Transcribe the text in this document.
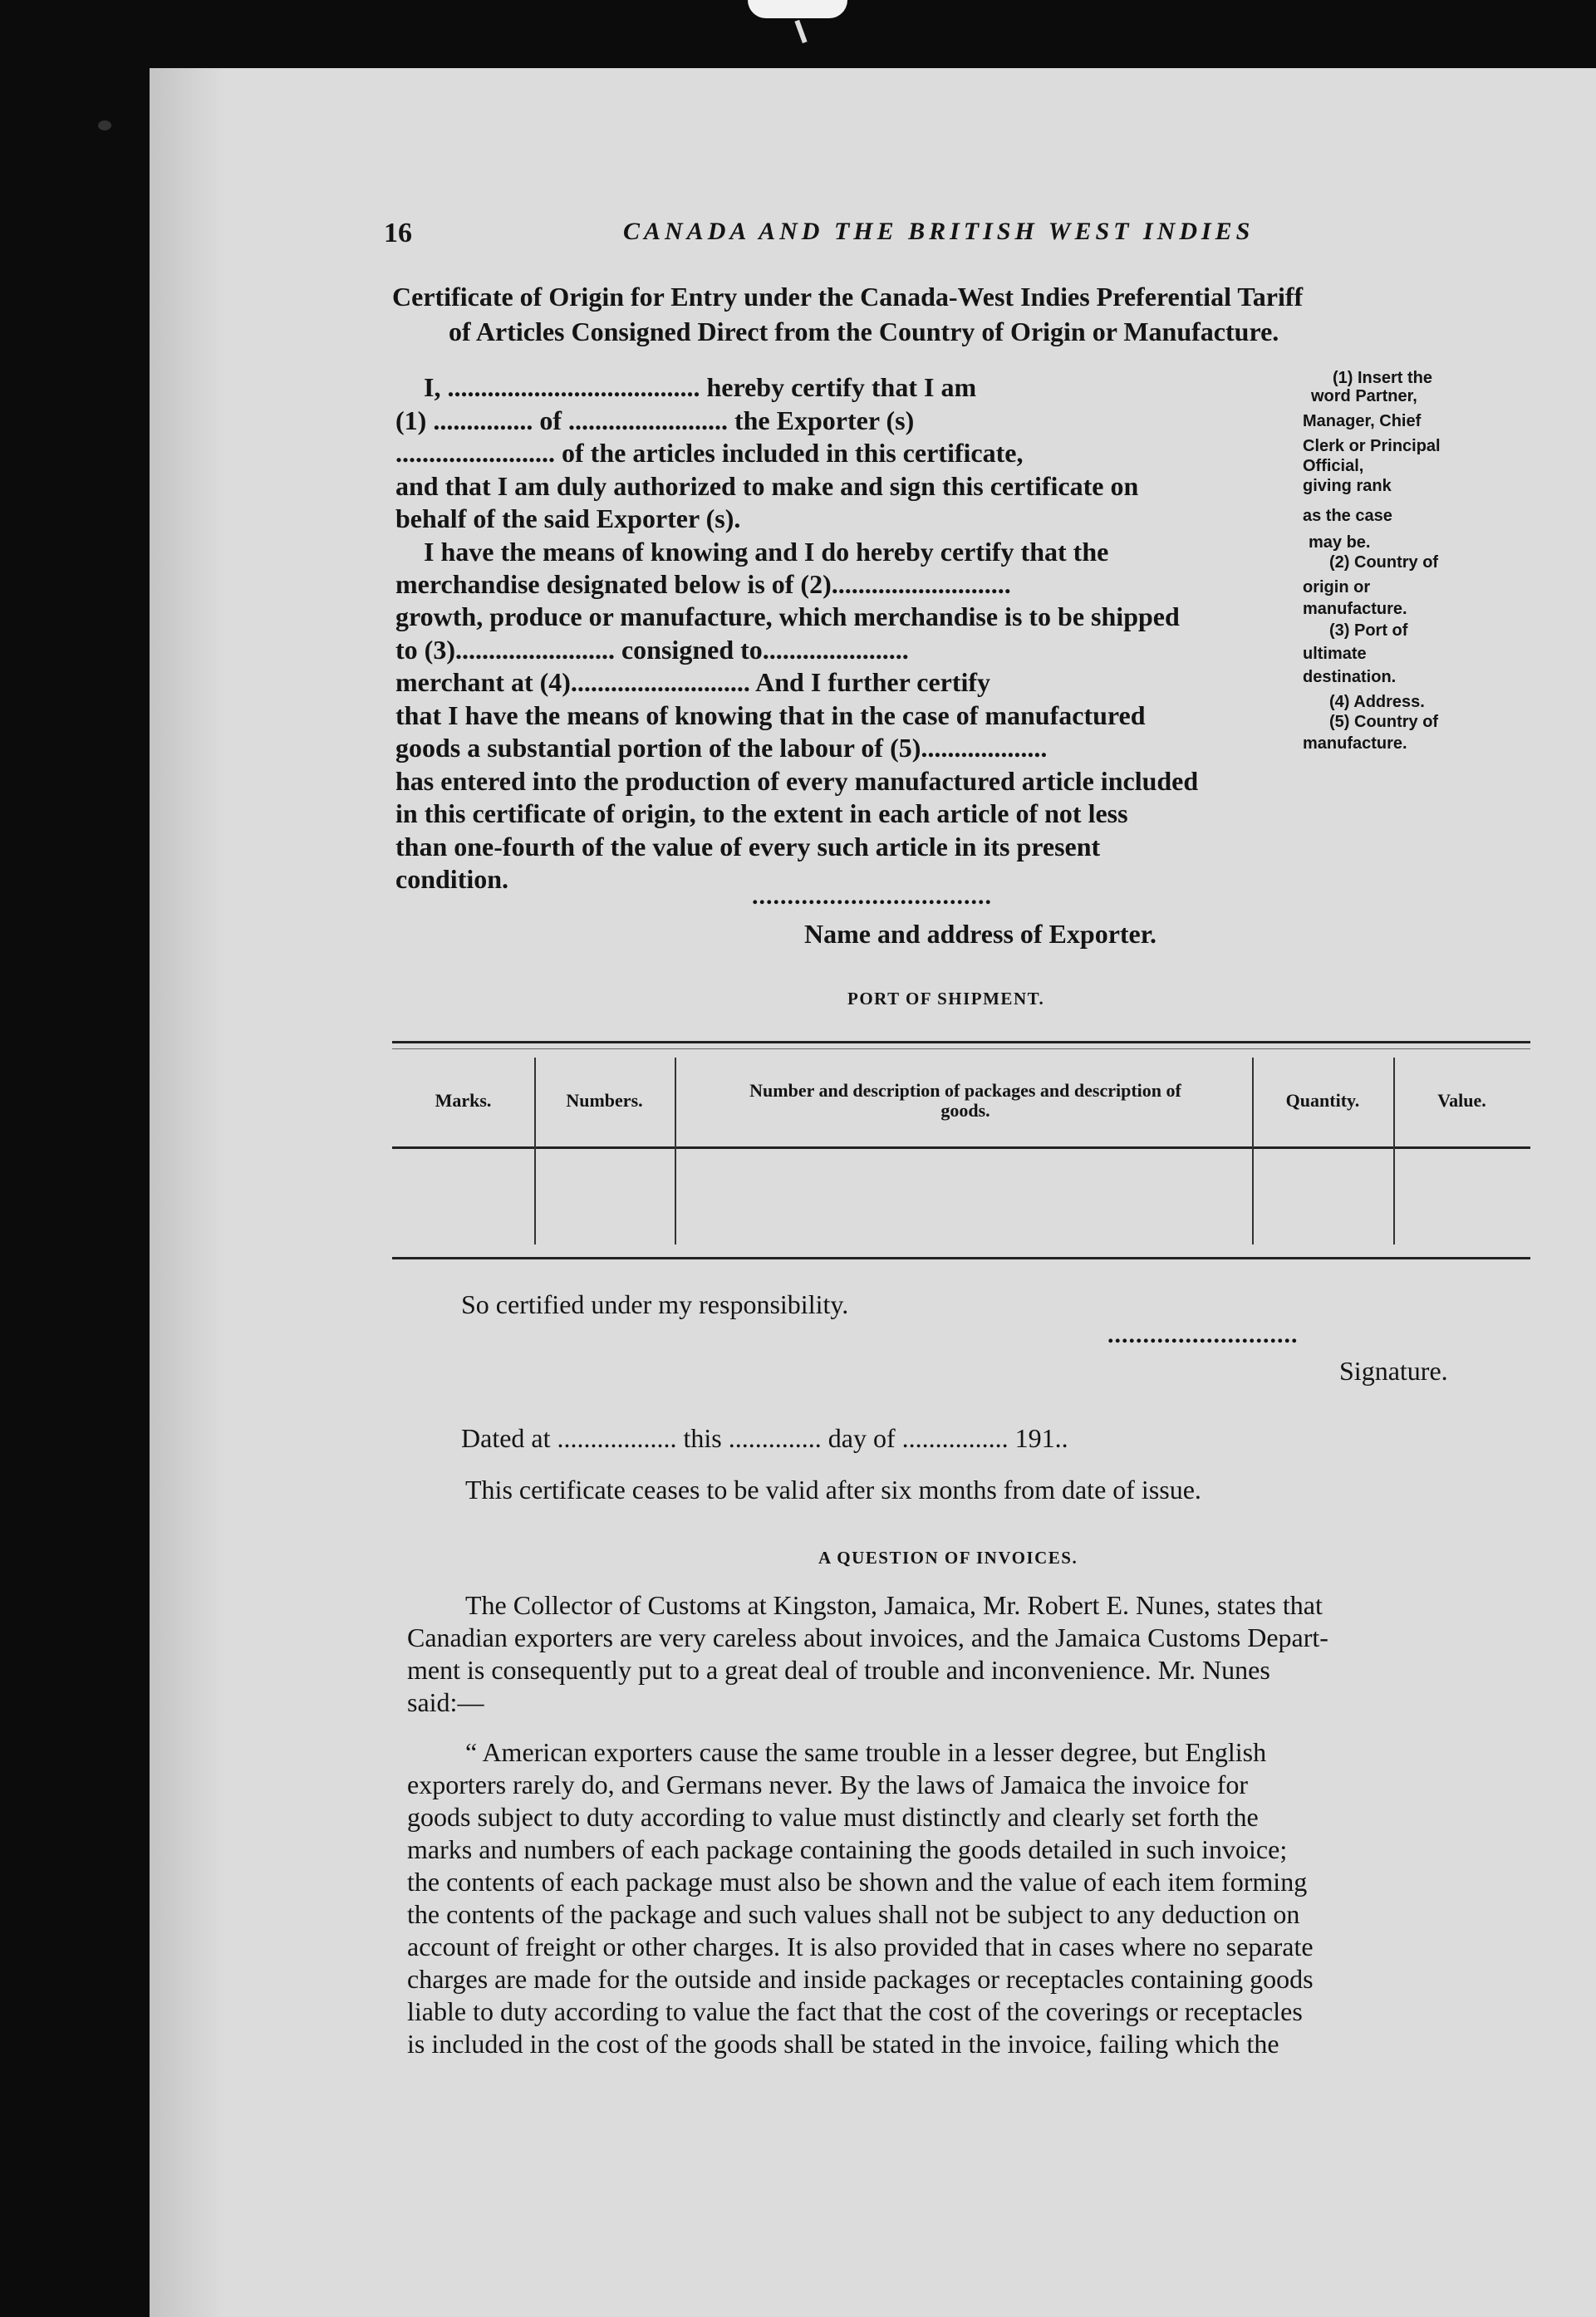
16	CANADA AND THE BRITISH WEST INDIES
Certificate of Origin for Entry under the Canada-West Indies Preferential Tariff
of Articles Consigned Direct from the Country of Origin or Manufacture.
I, ...................................... hereby certify that I am
(1) ............... of ........................ the Exporter (s)
........................ of the articles included in this certificate,
and that I am duly authorized to make and sign this certificate on
behalf of the said Exporter (s).
I have the means of knowing and I do hereby certify that the
merchandise designated below is of (2)...........................
growth, produce or manufacture, which merchandise is to be shipped
to (3)........................ consigned to......................
merchant at (4)........................... And I further certify
that I have the means of knowing that in the case of manufactured
goods a substantial portion of the labour of (5)...................
has entered into the production of every manufactured article included
in this certificate of origin, to the extent in each article of not less
than one-fourth of the value of every such article in its present
condition.
(1) Insert the
word Partner,
Manager, Chief
Clerk or Principal
Official,
giving rank
as the case
may be.
(2) Country of
origin or
manufacture.
(3) Port of
ultimate
destination.
(4) Address.
(5) Country of
manufacture.
..................................
Name and address of Exporter.
PORT OF SHIPMENT.
Marks.	Numbers.	Number and description of packages and description of goods.	Quantity.	Value.
So certified under my responsibility.
...........................
Signature.
Dated at .................. this .............. day of ................ 191..
This certificate ceases to be valid after six months from date of issue.
A QUESTION OF INVOICES.
The Collector of Customs at Kingston, Jamaica, Mr. Robert E. Nunes, states that
Canadian exporters are very careless about invoices, and the Jamaica Customs Depart-
ment is consequently put to a great deal of trouble and inconvenience. Mr. Nunes
said:—
“ American exporters cause the same trouble in a lesser degree, but English
exporters rarely do, and Germans never. By the laws of Jamaica the invoice for
goods subject to duty according to value must distinctly and clearly set forth the
marks and numbers of each package containing the goods detailed in such invoice;
the contents of each package must also be shown and the value of each item forming
the contents of the package and such values shall not be subject to any deduction on
account of freight or other charges. It is also provided that in cases where no separate
charges are made for the outside and inside packages or receptacles containing goods
liable to duty according to value the fact that the cost of the coverings or receptacles
is included in the cost of the goods shall be stated in the invoice, failing which the
